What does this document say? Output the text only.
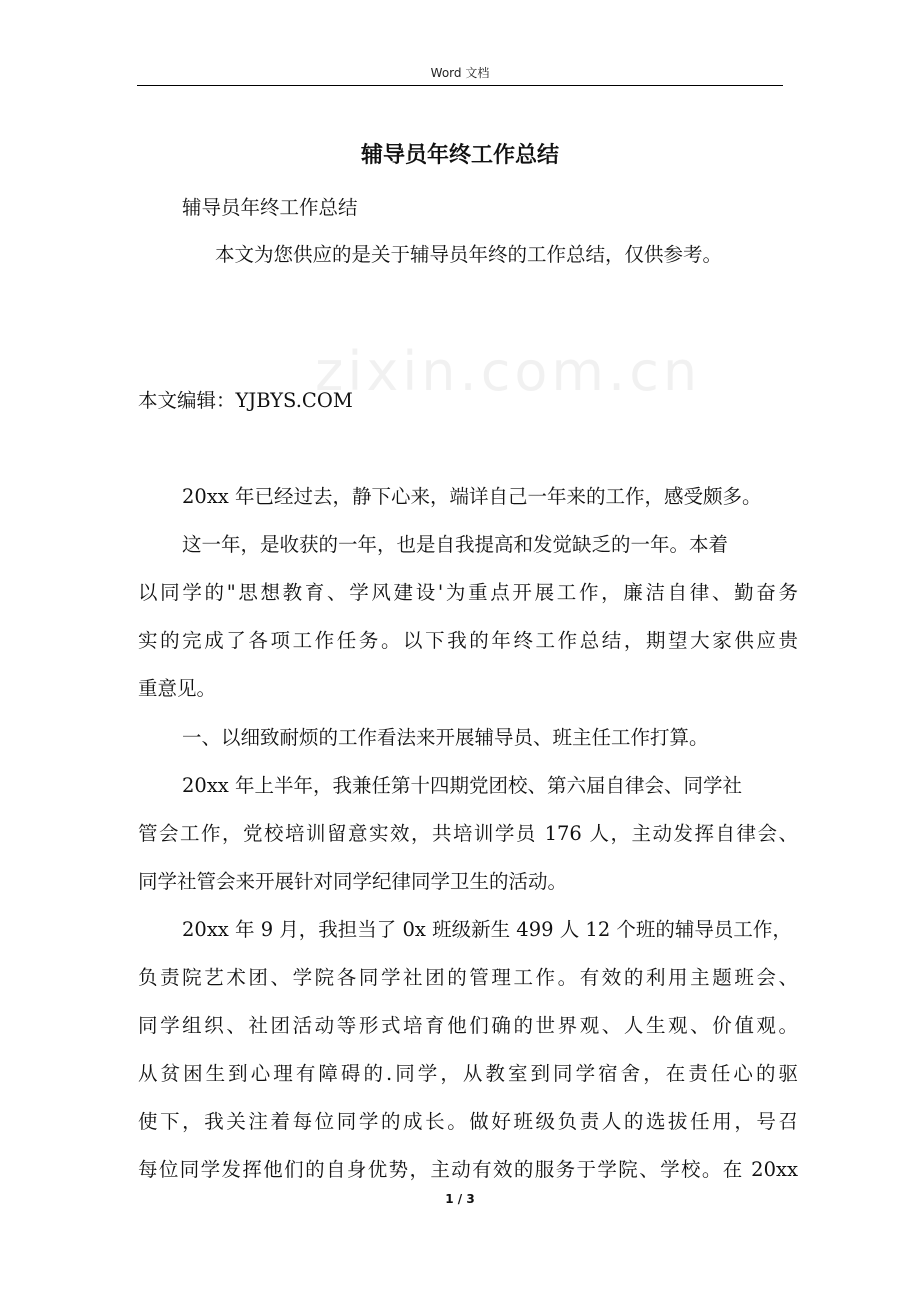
Word 文档
zixin.com.cn
辅导员年终工作总结
辅导员年终工作总结
本文为您供应的是关于辅导员年终的工作总结，仅供参考。
本文编辑：YJBYS.COM
20xx 年已经过去，静下心来，端详自己一年来的工作，感受颇多。
这一年，是收获的一年，也是自我提高和发觉缺乏的一年。本着
以同学的"思想教育、学风建设'为重点开展工作，廉洁自律、勤奋务
实的完成了各项工作任务。以下我的年终工作总结，期望大家供应贵
重意见。
一、以细致耐烦的工作看法来开展辅导员、班主任工作打算。
20xx 年上半年，我兼任第十四期党团校、第六届自律会、同学社
管会工作，党校培训留意实效，共培训学员 176 人，主动发挥自律会、
同学社管会来开展针对同学纪律同学卫生的活动。
20xx 年 9 月，我担当了 0x 班级新生 499 人 12 个班的辅导员工作，
负责院艺术团、学院各同学社团的管理工作。有效的利用主题班会、
同学组织、社团活动等形式培育他们确的世界观、人生观、价值观。
从贫困生到心理有障碍的.同学，从教室到同学宿舍，在责任心的驱
使下，我关注着每位同学的成长。做好班级负责人的选拔任用，号召
每位同学发挥他们的自身优势，主动有效的服务于学院、学校。在 20xx
1 / 3
